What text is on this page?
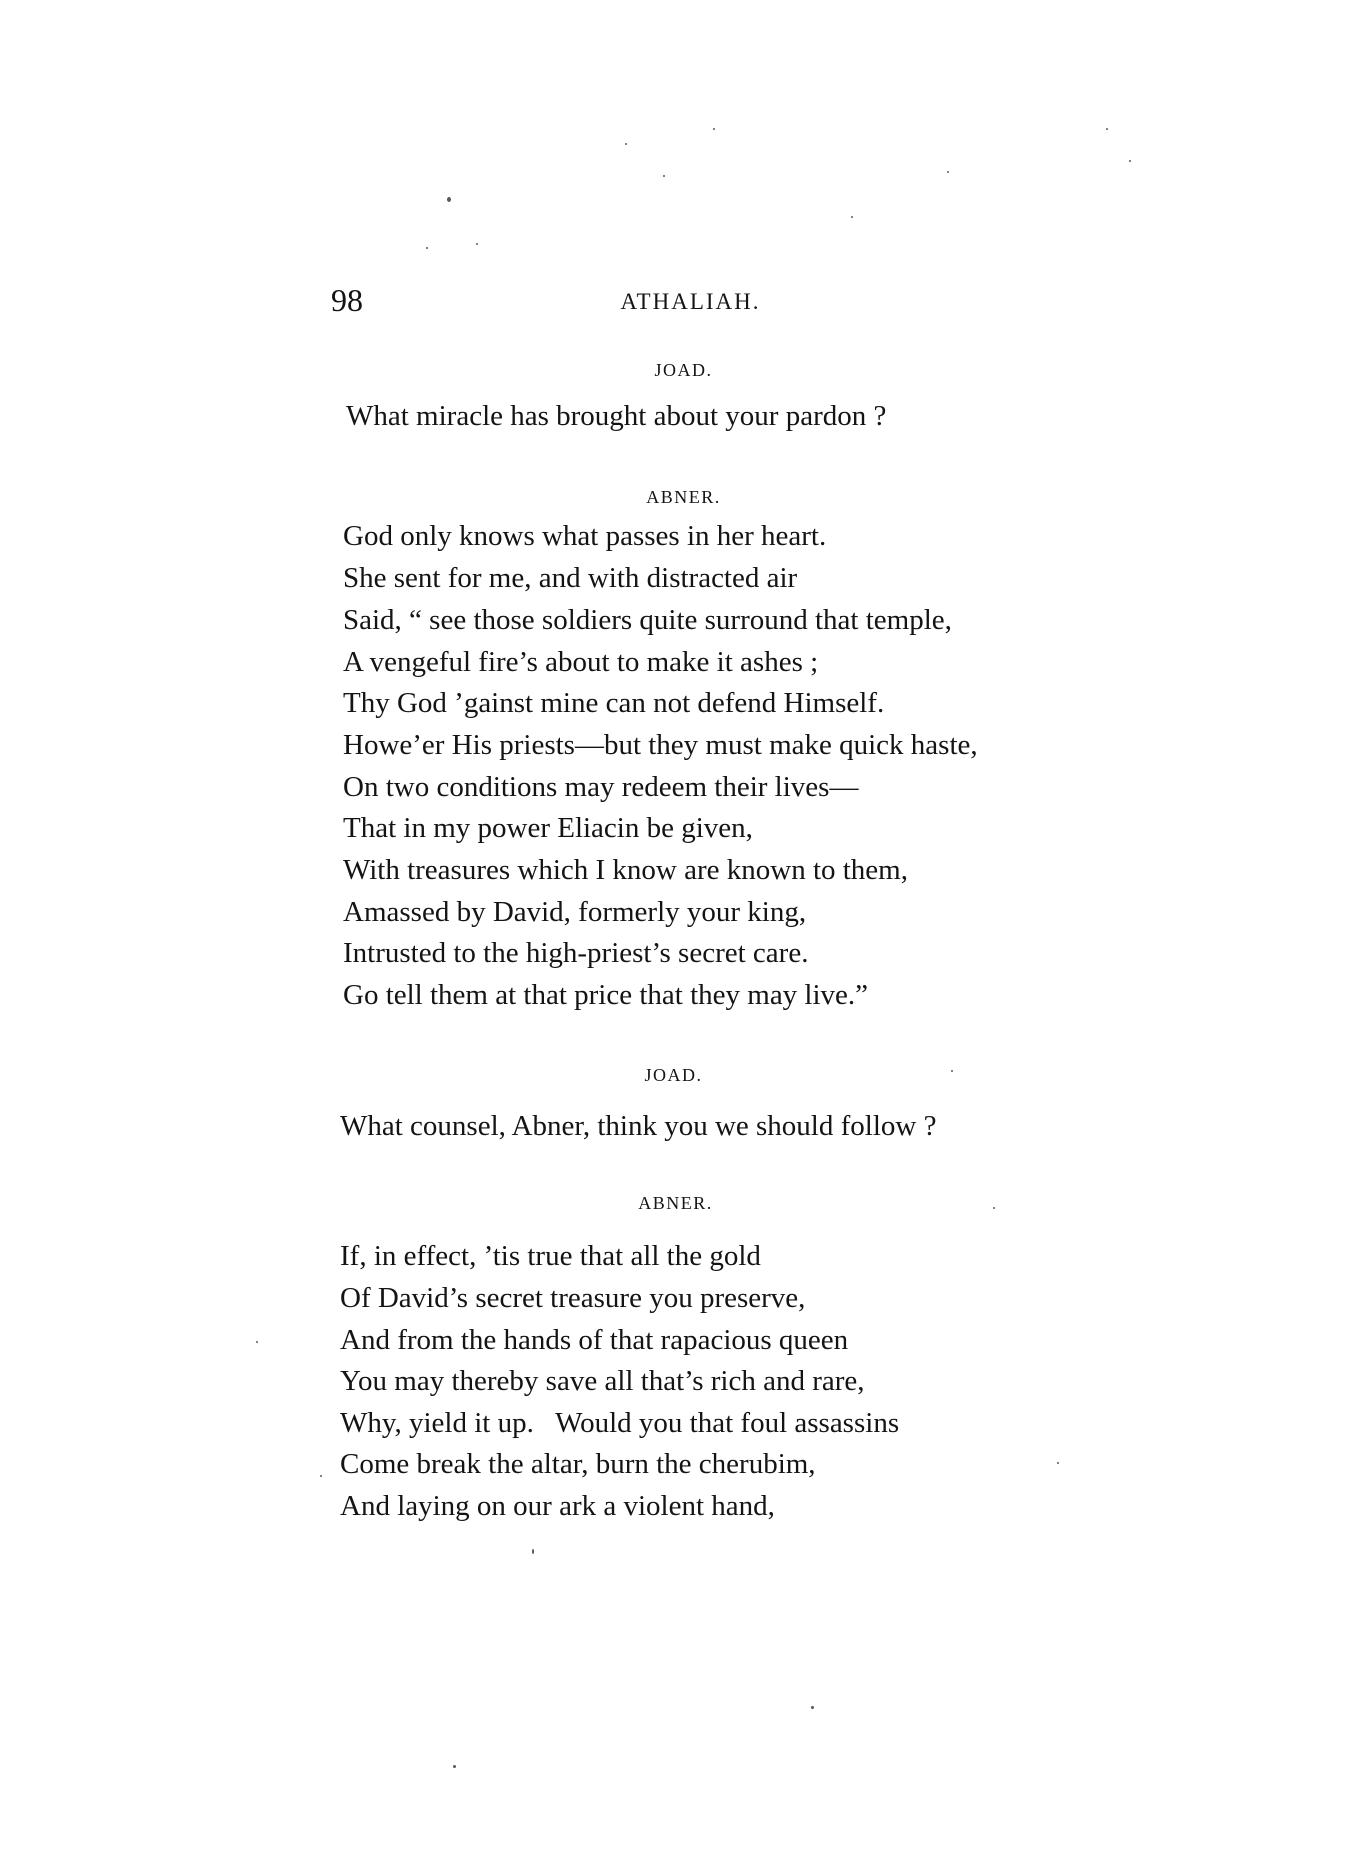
98	ATHALIAH.
JOAD.
What miracle has brought about your pardon ?
ABNER.
God only knows what passes in her heart.
She sent for me, and with distracted air
Said, “ see those soldiers quite surround that temple,
A vengeful fire’s about to make it ashes ;
Thy God ’gainst mine can not defend Himself.
Howe’er His priests—but they must make quick haste,
On two conditions may redeem their lives—
That in my power Eliacin be given,
With treasures which I know are known to them,
Amassed by David, formerly your king,
Intrusted to the high-priest’s secret care.
Go tell them at that price that they may live.”
JOAD.
What counsel, Abner, think you we should follow ?
ABNER.
If, in effect, ’tis true that all the gold
Of David’s secret treasure you preserve,
And from the hands of that rapacious queen
You may thereby save all that’s rich and rare,
Why, yield it up.   Would you that foul assassins
Come break the altar, burn the cherubim,
And laying on our ark a violent hand,
